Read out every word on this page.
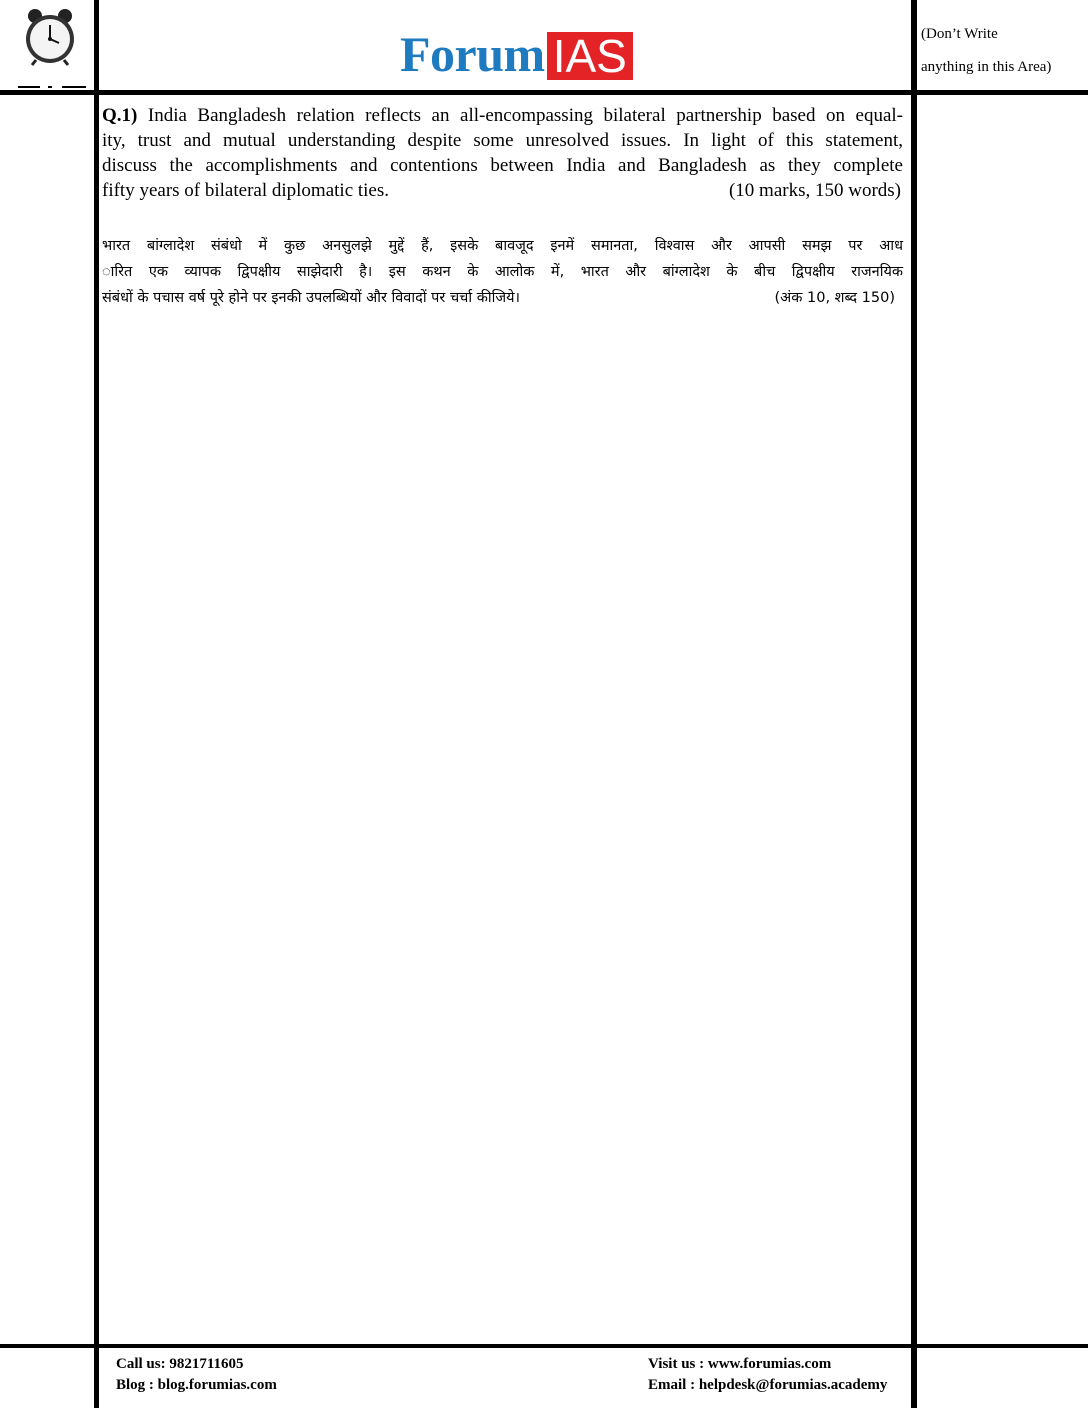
Forum IAS	(Don’t Write
anything in this Area)
Q.1) India Bangladesh relation reflects an all-encompassing bilateral partnership based on equal-
ity, trust and mutual understanding despite some unresolved issues. In light of this statement,
discuss the accomplishments and contentions between India and Bangladesh as they complete
fifty years of bilateral diplomatic ties.	(10 marks, 150 words)
भारत बांग्लादेश संबंधो में कुछ अनसुलझे मुद्दें हैं, इसके बावजूद इनमें समानता, विश्वास और आपसी समझ पर आध
ारित एक व्यापक द्विपक्षीय साझेदारी है। इस कथन के आलोक में, भारत और बांग्लादेश के बीच द्विपक्षीय राजनयिक
संबंधों के पचास वर्ष पूरे होने पर इनकी उपलब्धियों और विवादों पर चर्चा कीजिये।	(अंक 10, शब्द 150)
Call us: 9821711605
Blog : blog.forumias.com
Visit us : www.forumias.com
Email : helpdesk@forumias.academy
